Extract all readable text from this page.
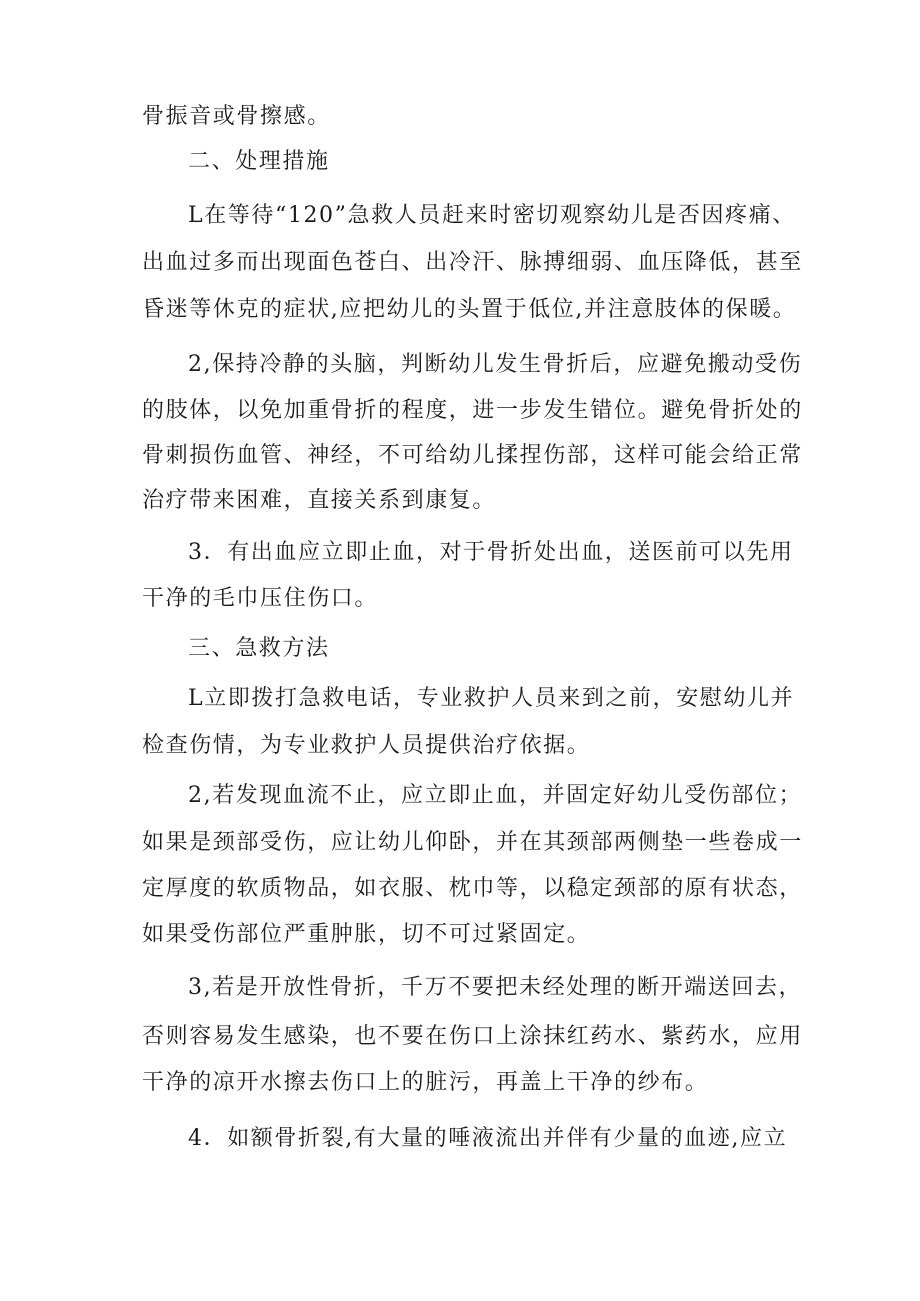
骨振音或骨擦感。
二、处理措施
L在等待“120”急救人员赶来时密切观察幼儿是否因疼痛、
出血过多而出现面色苍白、出冷汗、脉搏细弱、血压降低，甚至
昏迷等休克的症状,应把幼儿的头置于低位,并注意肢体的保暖。
2,保持冷静的头脑，判断幼儿发生骨折后，应避免搬动受伤
的肢体，以免加重骨折的程度，进一步发生错位。避免骨折处的
骨刺损伤血管、神经，不可给幼儿揉捏伤部，这样可能会给正常
治疗带来困难，直接关系到康复。
3．有出血应立即止血，对于骨折处出血，送医前可以先用
干净的毛巾压住伤口。
三、急救方法
L立即拨打急救电话，专业救护人员来到之前，安慰幼儿并
检查伤情，为专业救护人员提供治疗依据。
2,若发现血流不止，应立即止血，并固定好幼儿受伤部位；
如果是颈部受伤，应让幼儿仰卧，并在其颈部两侧垫一些卷成一
定厚度的软质物品，如衣服、枕巾等，以稳定颈部的原有状态，
如果受伤部位严重肿胀，切不可过紧固定。
3,若是开放性骨折，千万不要把未经处理的断开端送回去，
否则容易发生感染，也不要在伤口上涂抹红药水、紫药水，应用
干净的凉开水擦去伤口上的脏污，再盖上干净的纱布。
4．如额骨折裂,有大量的唾液流出并伴有少量的血迹,应立
